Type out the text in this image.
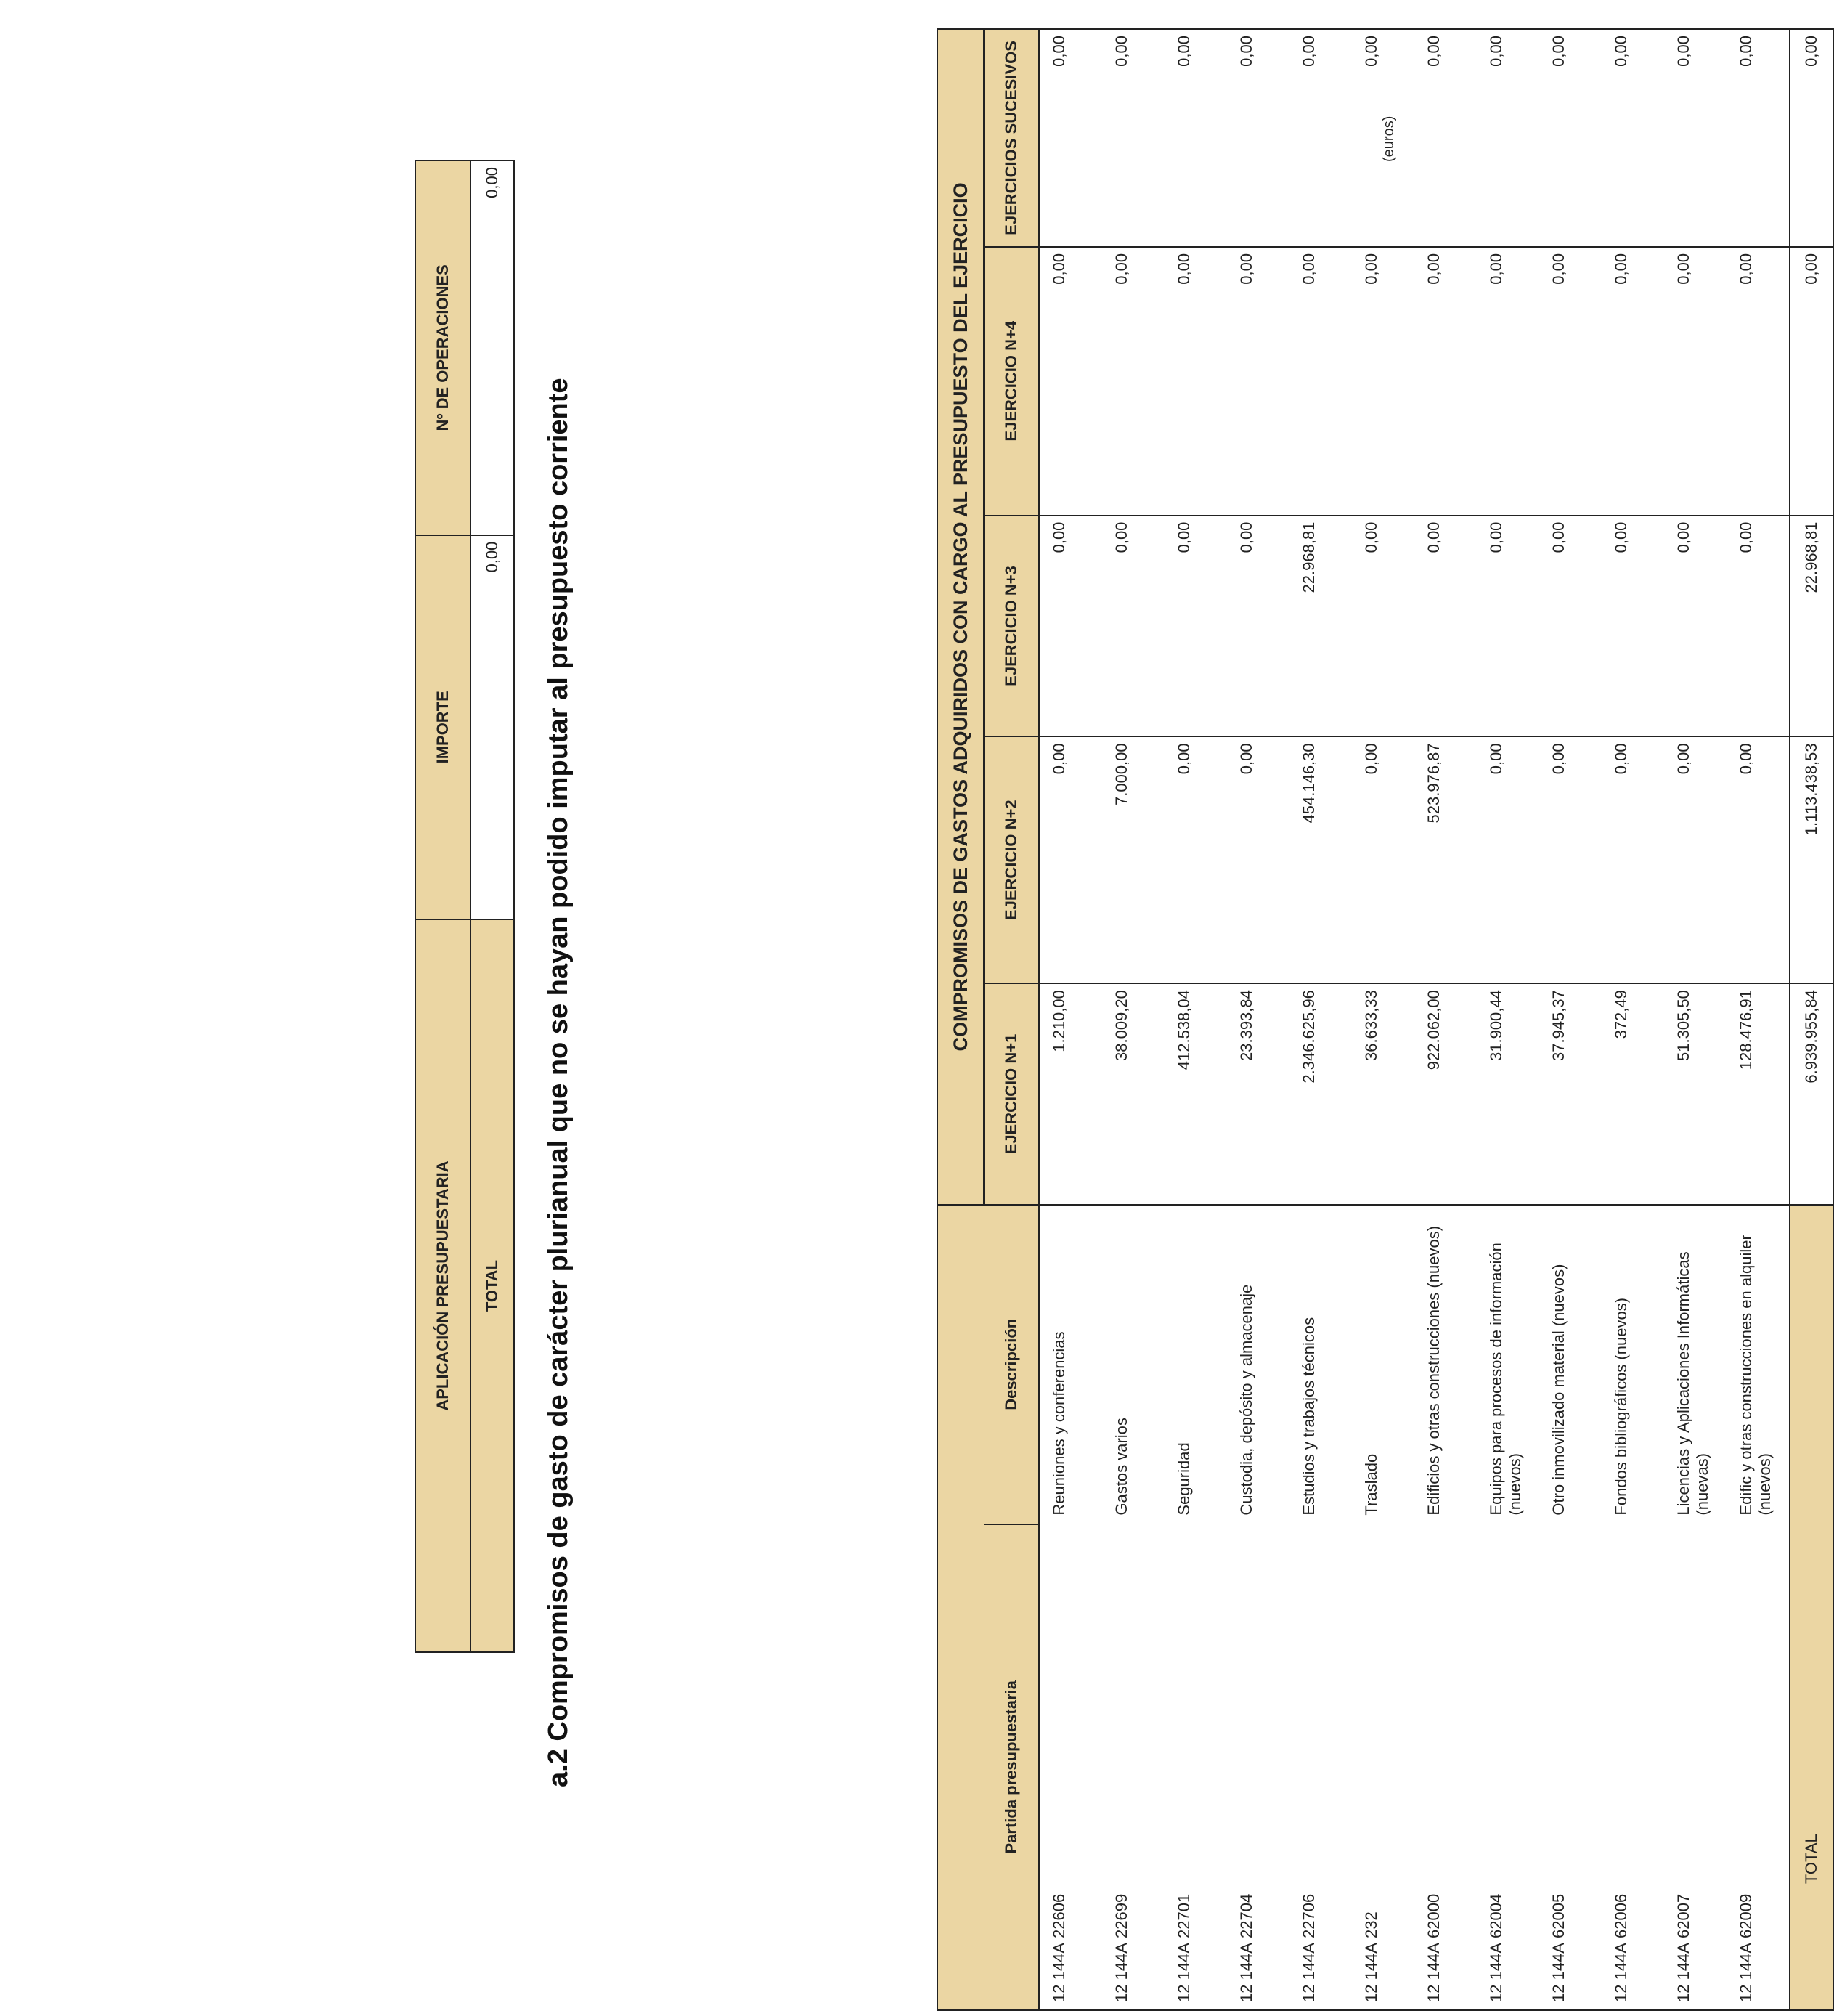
(euros)
			COMPROMISOS DE GASTOS ADQUIRIDOS CON CARGO AL PRESUPUESTO DEL EJERCICIO				
Partida presupuestaria		Descripción	EJERCICIO N+1	EJERCICIO N+2	EJERCICIO N+3	EJERCICIO N+4	EJERCICIOS SUCESIVOS
12 144A22606		Reuniones y conferencias	1.210,00	0,00	0,00	0,00	0,00
12 144A22699		Gastos varios	38.009,20	7.000,00	0,00	0,00	0,00
12 144A22701		Seguridad	412.538,04	0,00	0,00	0,00	0,00
12 144A22704		Custodia, depósito y almacenaje	23.393,84	0,00	0,00	0,00	0,00
12 144A22706		Estudios y trabajos técnicos	2.346.625,96	454.146,30	22.968,81	0,00	0,00
12 144A232		Traslado	36.633,33	0,00	0,00	0,00	0,00
12 144A62000		Edificios y otras construcciones (nuevos)	922.062,00	523.976,87	0,00	0,00	0,00
12 144A62004		Equipos para procesos de información (nuevos)	31.900,44	0,00	0,00	0,00	0,00
12 144A62005		Otro inmovilizado material (nuevos)	37.945,37	0,00	0,00	0,00	0,00
12 144A62006		Fondos bibliográficos (nuevos)	372,49	0,00	0,00	0,00	0,00
12 144A62007		Licencias y Aplicaciones Informáticas (nuevas)	51.305,50	0,00	0,00	0,00	0,00
12 144A62009		Edific y otras construcciones en alquiler (nuevos)	128.476,91	0,00	0,00	0,00	0,00
	TOTAL		6.939.955,84	1.113.438,53	22.968,81	0,00	0,00
a.2 Compromisos de gasto de carácter plurianual que no se hayan podido imputar al presupuesto corriente
APLICACIÓN PRESUPUESTARIA	IMPORTE	Nº DE OPERACIONES
TOTAL	0,00	0,00
